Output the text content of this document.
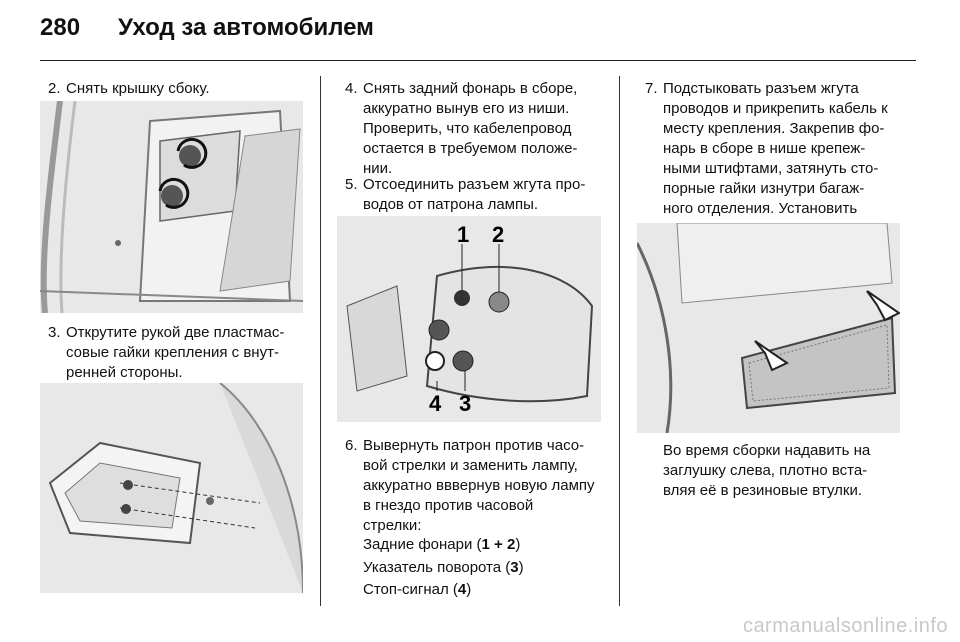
280 Уход за автомобилем
2. Снять крышку сбоку.
3. Открутите рукой две пластмас-
совые гайки крепления с внут-
ренней стороны.
4. Снять задний фонарь в сборе,
аккуратно вынув его из ниши.
Проверить, что кабелепровод
остается в требуемом положе-
нии.
5. Отсоединить разъем жгута про-
водов от патрона лампы.
1 2
4 3
6. Вывернуть патрон против часо-
вой стрелки и заменить лампу,
аккуратно вввернув новую лампу
в гнездо против часовой
стрелки:
Задние фонари (1 + 2)
Указатель поворота (3)
Стоп-сигнал (4)
7. Подстыковать разъем жгута
проводов и прикрепить кабель к
месту крепления. Закрепив фо-
нарь в сборе в нише крепеж-
ными штифтами, затянуть сто-
порные гайки изнутри багаж-
ного отделения. Установить

Во время сборки надавить на
заглушку слева, плотно вста-
вляя её в резиновые втулки.
carmanualsonline.info
